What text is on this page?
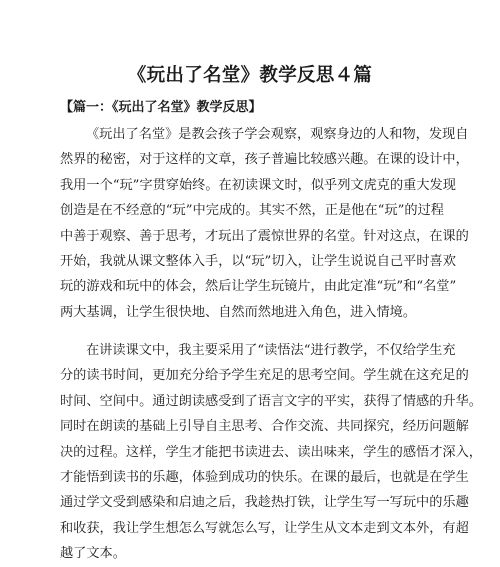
《玩出了名堂》教学反思４篇
【篇一：《玩出了名堂》教学反思】
《玩出了名堂》是教会孩子学会观察，观察身边的人和物，发现自
然界的秘密，对于这样的文章，孩子普遍比较感兴趣。在课的设计中，
我用一个“玩”字贯穿始终。在初读课文时，似乎列文虎克的重大发现
创造是在不经意的“玩”中完成的。其实不然，正是他在“玩”的过程
中善于观察、善于思考，才玩出了震惊世界的名堂。针对这点，在课的
开始，我就从课文整体入手，以“玩”切入，让学生说说自己平时喜欢
玩的游戏和玩中的体会，然后让学生玩镜片，由此定准“玩”和“名堂”
两大基调，让学生很快地、自然而然地进入角色，进入情境。
在讲读课文中，我主要采用了“读悟法“进行教学，不仅给学生充
分的读书时间，更加充分给予学生充足的思考空间。学生就在这充足的
时间、空间中。通过朗读感受到了语言文字的平实，获得了情感的升华。
同时在朗读的基础上引导自主思考、合作交流、共同探究，经历问题解
决的过程。这样，学生才能把书读进去、读出味来，学生的感悟才深入，
才能悟到读书的乐趣，体验到成功的快乐。在课的最后，也就是在学生
通过学文受到感染和启迪之后，我趁热打铁，让学生写一写玩中的乐趣
和收获，我让学生想怎么写就怎么写，让学生从文本走到文本外，有超
越了文本。
